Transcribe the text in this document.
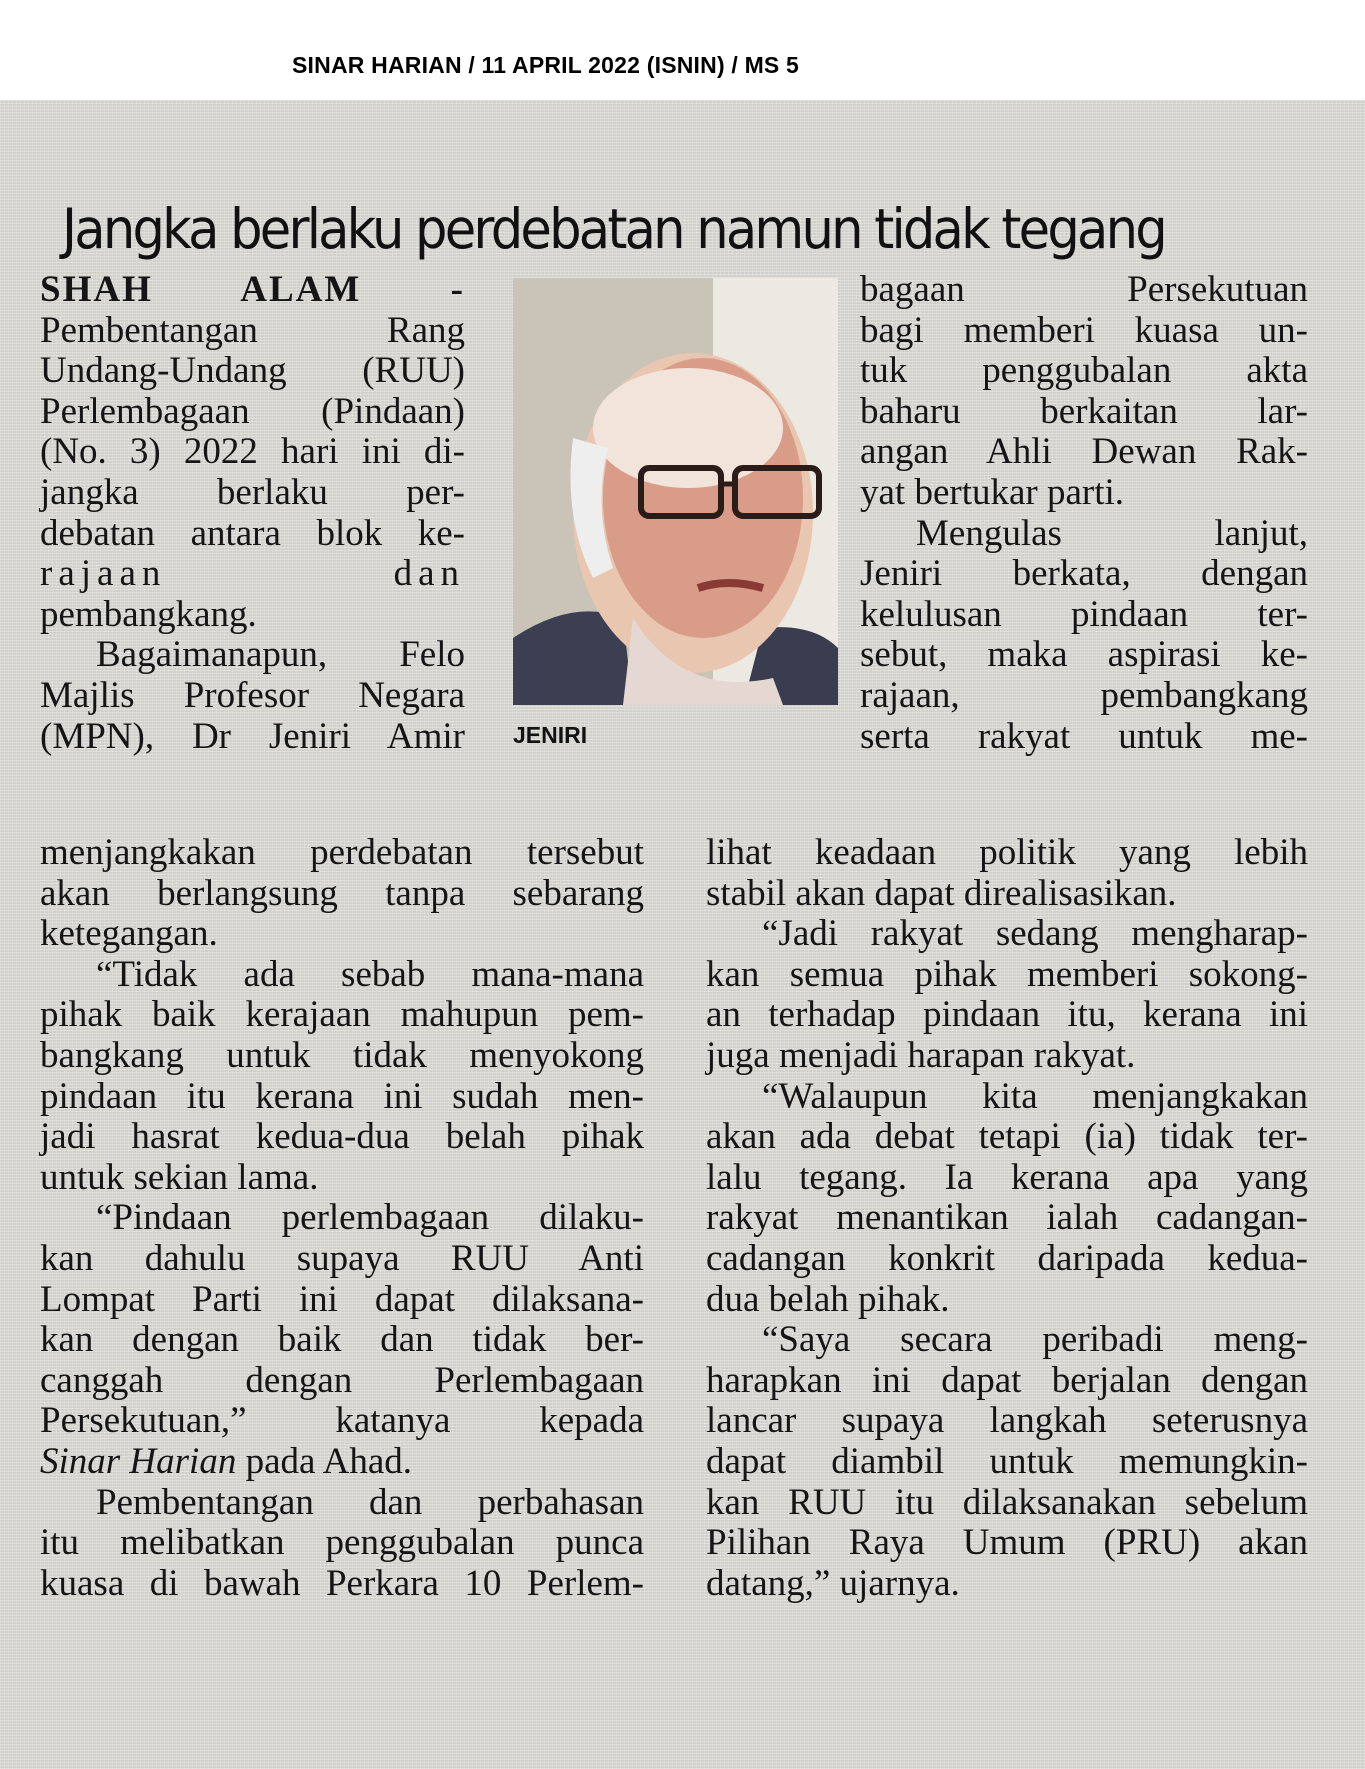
SINAR HARIAN / 11 APRIL 2022 (ISNIN) / MS 5
Jangka berlaku perdebatan namun tidak tegang
SHAH ALAM -
Pembentangan Rang
Undang-Undang (RUU)
Perlembagaan (Pindaan)
(No. 3) 2022 hari ini di-
jangka berlaku per-
debatan antara blok ke-
rajaan dan
pembangkang.
Bagaimanapun, Felo
Majlis Profesor Negara
(MPN), Dr Jeniri Amir
menjangkakan perdebatan tersebut
akan berlangsung tanpa sebarang
ketegangan.
“Tidak ada sebab mana-mana
pihak baik kerajaan mahupun pem-
bangkang untuk tidak menyokong
pindaan itu kerana ini sudah men-
jadi hasrat kedua-dua belah pihak
untuk sekian lama.
“Pindaan perlembagaan dilaku-
kan dahulu supaya RUU Anti
Lompat Parti ini dapat dilaksana-
kan dengan baik dan tidak ber-
canggah dengan Perlembagaan
Persekutuan,” katanya kepada
Sinar Harian pada Ahad.
Pembentangan dan perbahasan
itu melibatkan penggubalan punca
kuasa di bawah Perkara 10 Perlem-
JENIRI
bagaan Persekutuan
bagi memberi kuasa un-
tuk penggubalan akta
baharu berkaitan lar-
angan Ahli Dewan Rak-
yat bertukar parti.
Mengulas lanjut,
Jeniri berkata, dengan
kelulusan pindaan ter-
sebut, maka aspirasi ke-
rajaan, pembangkang
serta rakyat untuk me-
lihat keadaan politik yang lebih
stabil akan dapat direalisasikan.
“Jadi rakyat sedang mengharap-
kan semua pihak memberi sokong-
an terhadap pindaan itu, kerana ini
juga menjadi harapan rakyat.
“Walaupun kita menjangkakan
akan ada debat tetapi (ia) tidak ter-
lalu tegang. Ia kerana apa yang
rakyat menantikan ialah cadangan-
cadangan konkrit daripada kedua-
dua belah pihak.
“Saya secara peribadi meng-
harapkan ini dapat berjalan dengan
lancar supaya langkah seterusnya
dapat diambil untuk memungkin-
kan RUU itu dilaksanakan sebelum
Pilihan Raya Umum (PRU) akan
datang,” ujarnya.
